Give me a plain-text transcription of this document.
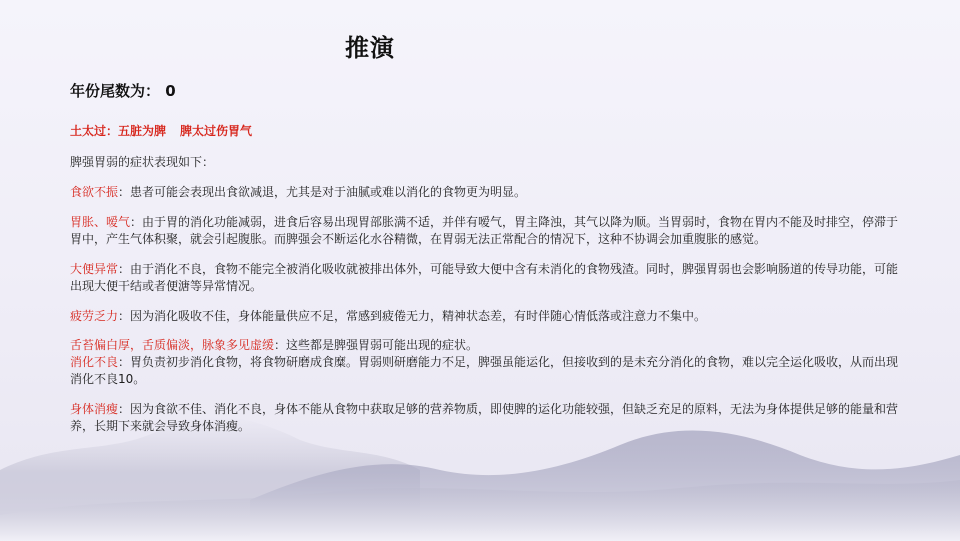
推演

年份尾数为： 0

土太过：五脏为脾 脾太过伤胃气
脾强胃弱的症状表现如下：
食欲不振：患者可能会表现出食欲减退，尤其是对于油腻或难以消化的食物更为明显。
胃胀、嗳气：由于胃的消化功能减弱，进食后容易出现胃部胀满不适，并伴有嗳气，胃主降浊，其气以降为顺。当胃弱时，食物在胃内不能及时排空，停滞于胃中，产生气体积聚，就会引起腹胀。而脾强会不断运化水谷精微，在胃弱无法正常配合的情况下，这种不协调会加重腹胀的感觉。
大便异常：由于消化不良，食物不能完全被消化吸收就被排出体外，可能导致大便中含有未消化的食物残渣。同时，脾强胃弱也会影响肠道的传导功能，可能出现大便干结或者便溏等异常情况。
疲劳乏力：因为消化吸收不佳，身体能量供应不足，常感到疲倦无力，精神状态差，有时伴随心情低落或注意力不集中。
舌苔偏白厚，舌质偏淡，脉象多见虚缓：这些都是脾强胃弱可能出现的症状。
消化不良：胃负责初步消化食物，将食物研磨成食糜。胃弱则研磨能力不足，脾强虽能运化，但接收到的是未充分消化的食物，难以完全运化吸收，从而出现消化不良10。
身体消瘦：因为食欲不佳、消化不良，身体不能从食物中获取足够的营养物质，即使脾的运化功能较强，但缺乏充足的原料，无法为身体提供足够的能量和营养，长期下来就会导致身体消瘦。
